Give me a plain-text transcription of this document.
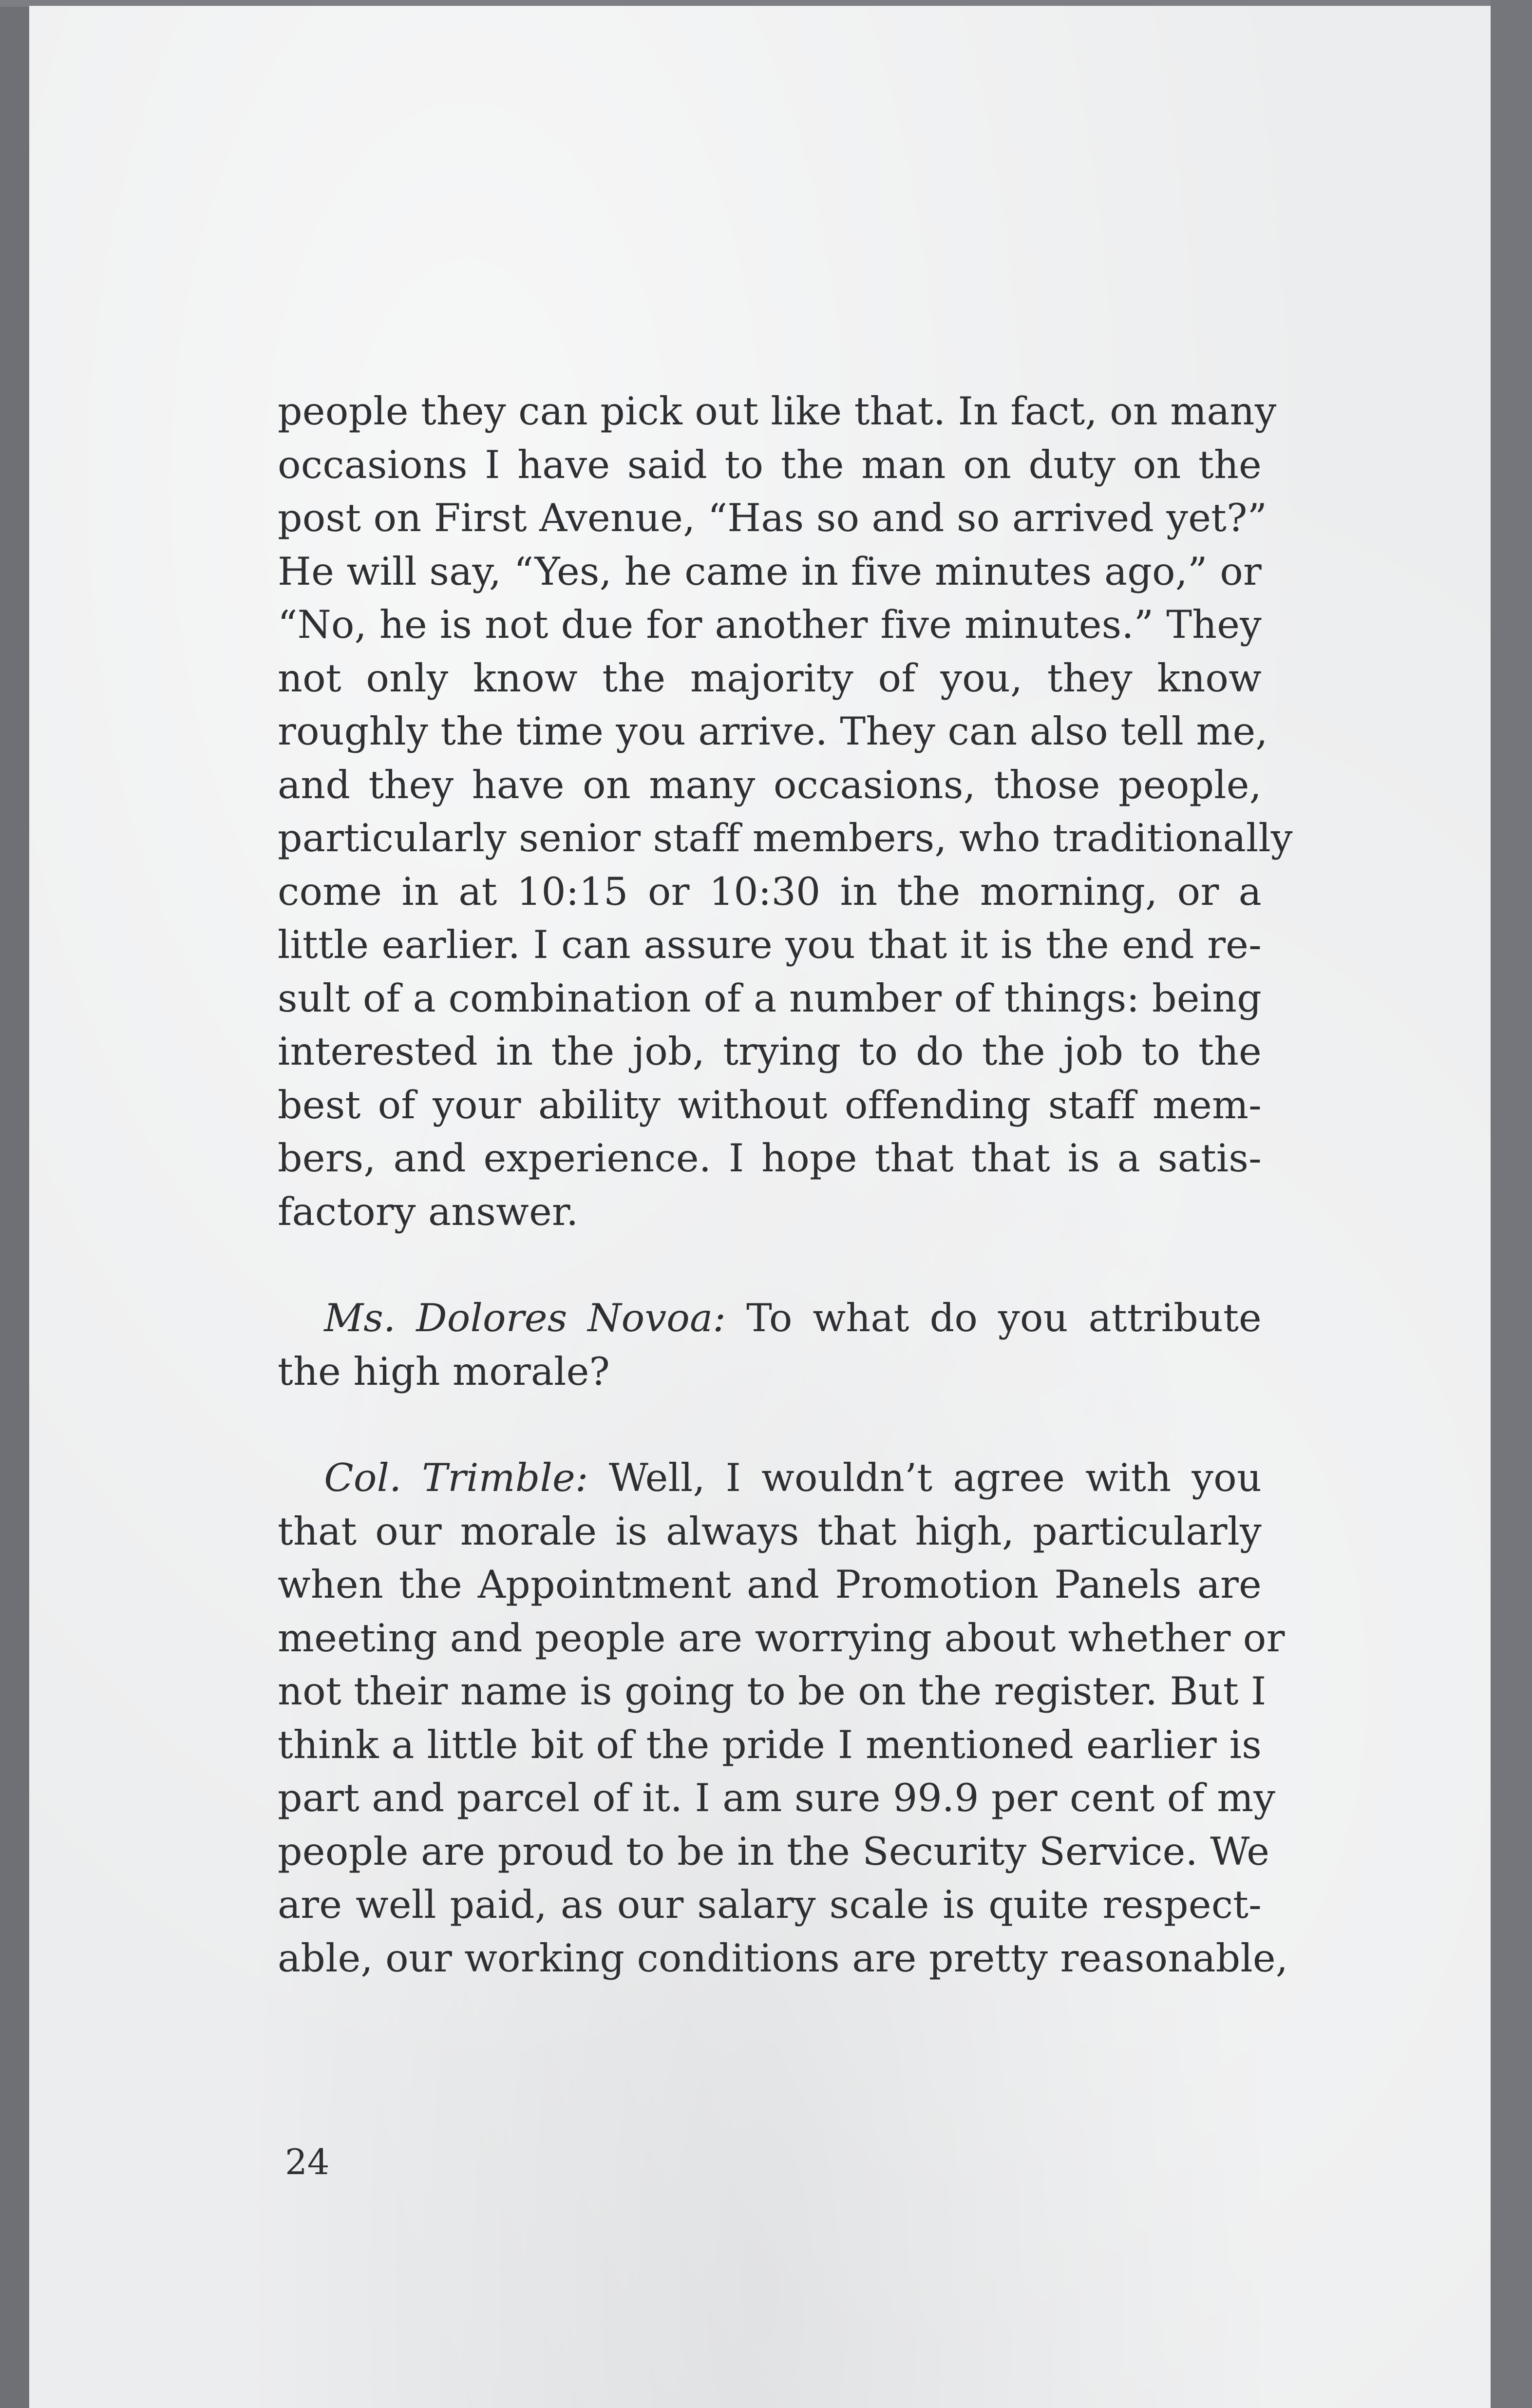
people they can pick out like that. In fact, on many
occasions I have said to the man on duty on the
post on First Avenue, “Has so and so arrived yet?”
He will say, “Yes, he came in five minutes ago,” or
“No, he is not due for another five minutes.” They
not only know the majority of you, they know
roughly the time you arrive. They can also tell me,
and they have on many occasions, those people,
particularly senior staff members, who traditionally
come in at 10:15 or 10:30 in the morning, or a
little earlier. I can assure you that it is the end re-
sult of a combination of a number of things: being
interested in the job, trying to do the job to the
best of your ability without offending staff mem-
bers, and experience. I hope that that is a satis-
factory answer.
  Ms. Dolores Novoa: To what do you attribute
the high morale?
  Col. Trimble: Well, I wouldn’t agree with you
that our morale is always that high, particularly
when the Appointment and Promotion Panels are
meeting and people are worrying about whether or
not their name is going to be on the register. But I
think a little bit of the pride I mentioned earlier is
part and parcel of it. I am sure 99.9 per cent of my
people are proud to be in the Security Service. We
are well paid, as our salary scale is quite respect-
able, our working conditions are pretty reasonable,
24
